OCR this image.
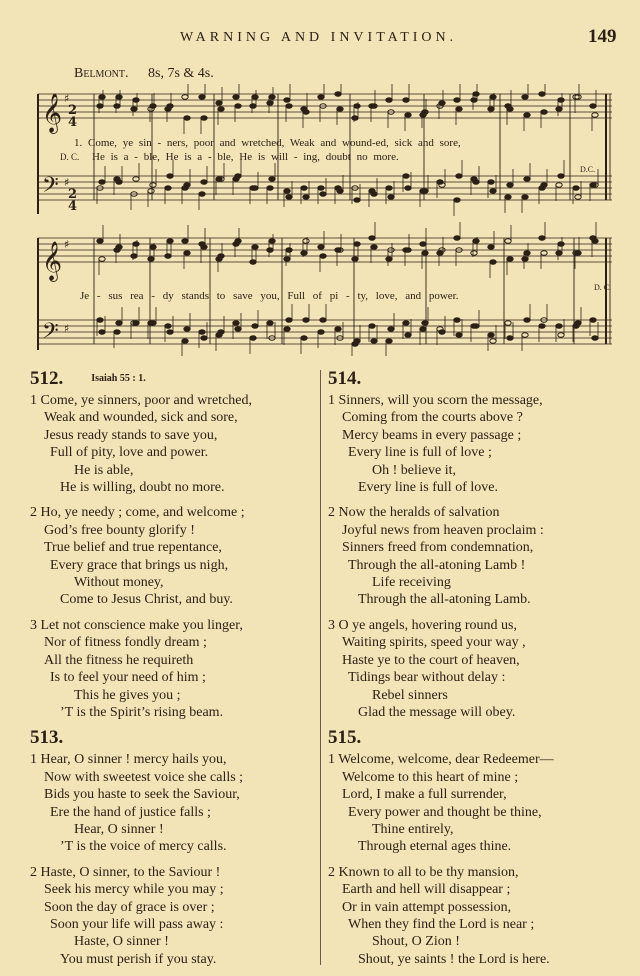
WARNING AND INVITATION.	149
Belmont. 8s, 7s & 4s.
𝄞
𝄢
𝄞
𝄢
♯
♯
♯
♯
2
4
2
4
1. Come, ye sin - ners, poor and wretched, Weak and wound-ed, sick and sore,
D. C. He is a - ble, He is a - ble, He is will - ing, doubt no more.
D.C.
Je - sus rea - dy stands to save you, Full of pi - ty, love, and power.
D. C.
512.	Isaiah 55 : 1.
1 Come, ye sinners, poor and wretched,
Weak and wounded, sick and sore,
Jesus ready stands to save you,
Full of pity, love and power.
He is able,
He is willing, doubt no more.
2 Ho, ye needy ; come, and welcome ;
God’s free bounty glorify !
True belief and true repentance,
Every grace that brings us nigh,
Without money,
Come to Jesus Christ, and buy.
3 Let not conscience make you linger,
Nor of fitness fondly dream ;
All the fitness he requireth
Is to feel your need of him ;
This he gives you ;
’T is the Spirit’s rising beam.
513.
1 Hear, O sinner ! mercy hails you,
Now with sweetest voice she calls ;
Bids you haste to seek the Saviour,
Ere the hand of justice falls ;
Hear, O sinner !
’T is the voice of mercy calls.
2 Haste, O sinner, to the Saviour !
Seek his mercy while you may ;
Soon the day of grace is over ;
Soon your life will pass away :
Haste, O sinner !
You must perish if you stay.
514.
1 Sinners, will you scorn the message,
Coming from the courts above ?
Mercy beams in every passage ;
Every line is full of love ;
Oh ! believe it,
Every line is full of love.
2 Now the heralds of salvation
Joyful news from heaven proclaim :
Sinners freed from condemnation,
Through the all-atoning Lamb !
Life receiving
Through the all-atoning Lamb.
3 O ye angels, hovering round us,
Waiting spirits, speed your way ,
Haste ye to the court of heaven,
Tidings bear without delay :
Rebel sinners
Glad the message will obey.
515.
1 Welcome, welcome, dear Redeemer—
Welcome to this heart of mine ;
Lord, I make a full surrender,
Every power and thought be thine,
Thine entirely,
Through eternal ages thine.
2 Known to all to be thy mansion,
Earth and hell will disappear ;
Or in vain attempt possession,
When they find the Lord is near ;
Shout, O Zion !
Shout, ye saints ! the Lord is here.
